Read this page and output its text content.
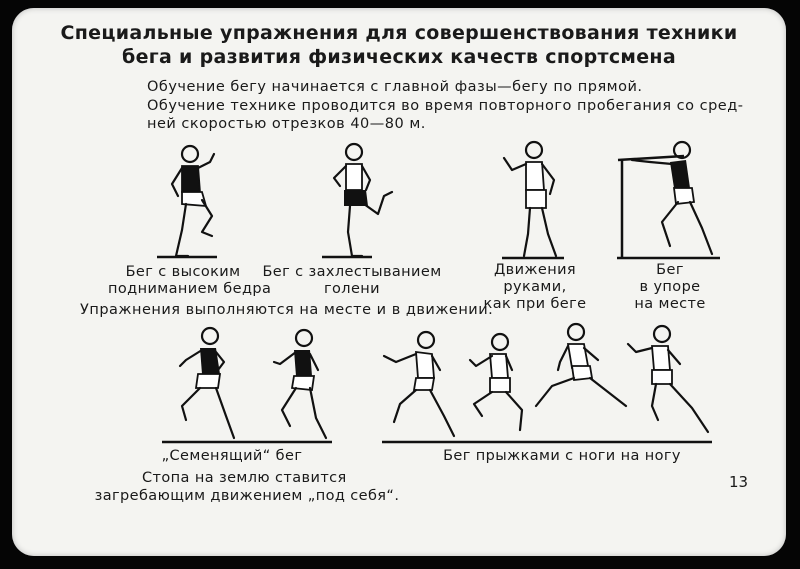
Специальные упражнения для совершенствования техники
бега и развития физических качеств спортсмена
Обучение бегу начинается с главной фазы—бегу по прямой.
Обучение технике проводится во время повторного пробегания со сред-
ней скоростью отрезков 40—80 м.
Бег с высоким
подниманием бедра
Бег с захлестыванием
голени
Движения
руками,
как при беге
Бег
в упоре
на месте
Упражнения выполняются на месте и в движении.
„Семенящий“ бег
Стопа на землю ставится
загребающим движением „под себя“.
Бег прыжками с ноги на ногу
13
